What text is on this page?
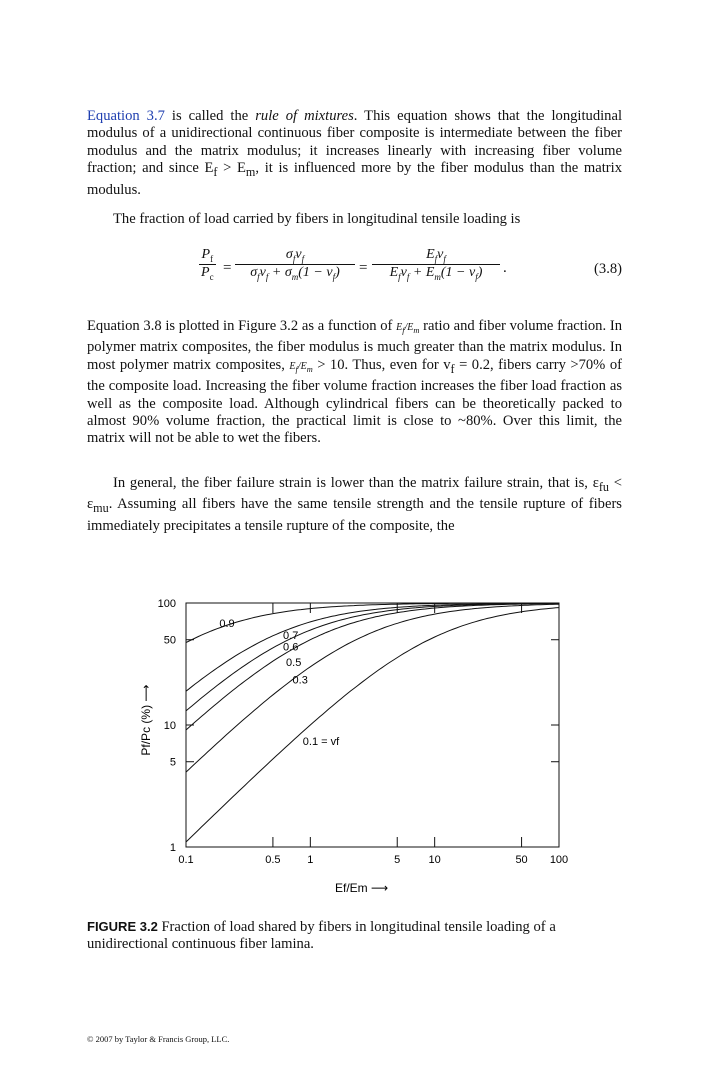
Equation 3.7 is called the rule of mixtures. This equation shows that the longitudinal modulus of a unidirectional continuous fiber composite is intermediate between the fiber modulus and the matrix modulus; it increases linearly with increasing fiber volume fraction; and since $E_f > E_m$, it is influenced more by the fiber modulus than the matrix modulus.

The fraction of load carried by fibers in longitudinal tensile loading is

$\frac{P_f}{P_c}$ =
$\sigma_fv_f$
$\sigma_fv_f + \sigma_m(1 - v_f)$	=
$E_fv_f$
$E_fv_f + E_m(1 - v_f)$	.	(3.8)

Equation 3.8 is plotted in Figure 3.2 as a function of $E_f/E_m$ ratio and fiber volume fraction. In polymer matrix composites, the fiber modulus is much greater than the matrix modulus. In most polymer matrix composites, $E_f/E_m > 10$. Thus, even for $v_f = 0.2$, fibers carry >70% of the composite load. Increasing the fiber volume fraction increases the fiber load fraction as well as the composite load. Although cylindrical fibers can be theoretically packed to almost 90% volume fraction, the practical limit is close to ~80%. Over this limit, the matrix will not be able to wet the fibers.

In general, the fiber failure strain is lower than the matrix failure strain, that is, $\varepsilon_{fu} < \varepsilon_{mu}$. Assuming all fibers have the same tensile strength and the tensile rupture of fibers immediately precipitates a tensile rupture of the composite, the

0.1	0.5 1	5	10	50 100
1
5
10
50
100
0.9
0.7
0.6
0.5
0.3
0.1 = vf
Ef/Em ⟶
Pf/Pc (%) ⟶
FIGURE 3.2 Fraction of load shared by fibers in longitudinal tensile loading of a unidirectional continuous fiber lamina.
© 2007 by Taylor & Francis Group, LLC.
